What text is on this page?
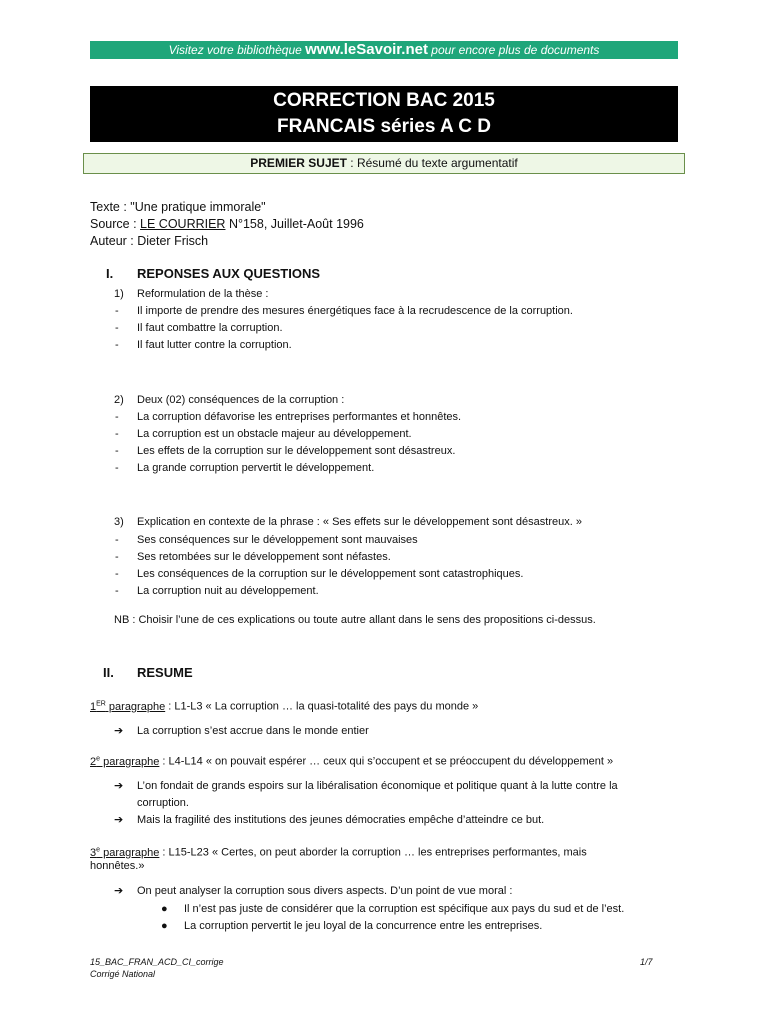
Visitez votre bibliothèque www.leSavoir.net pour encore plus de documents
CORRECTION BAC 2015
FRANCAIS séries A C D
PREMIER SUJET : Résumé du texte argumentatif
Texte : "Une pratique immorale"
Source : LE COURRIER N°158, Juillet-Août 1996
Auteur : Dieter Frisch
I. REPONSES AUX QUESTIONS
1) Reformulation de la thèse :
- Il importe de prendre des mesures énergétiques face à la recrudescence de la corruption.
- Il faut combattre la corruption.
- Il faut lutter contre la corruption.
2) Deux (02) conséquences de la corruption :
- La corruption défavorise les entreprises performantes et honnêtes.
- La corruption est un obstacle majeur au développement.
- Les effets de la corruption sur le développement sont désastreux.
- La grande corruption pervertit le développement.
3) Explication en contexte de la phrase : « Ses effets sur le développement sont désastreux. »
- Ses conséquences sur le développement sont mauvaises
- Ses retombées sur le développement sont néfastes.
- Les conséquences de la corruption sur le développement sont catastrophiques.
- La corruption nuit au développement.
NB : Choisir l’une de ces explications ou toute autre allant dans le sens des propositions ci-dessus.
II. RESUME
1ER paragraphe : L1-L3 « La corruption … la quasi-totalité des pays du monde »
➔ La corruption s’est accrue dans le monde entier
2e paragraphe : L4-L14 « on pouvait espérer … ceux qui s’occupent et se préoccupent du développement »
➔ L’on fondait de grands espoirs sur la libéralisation économique et politique quant à la lutte contre la
corruption.
➔ Mais la fragilité des institutions des jeunes démocraties empêche d’atteindre ce but.
3e paragraphe : L15-L23 « Certes, on peut aborder la corruption … les entreprises performantes, mais
honnêtes.»
➔ On peut analyser la corruption sous divers aspects. D’un point de vue moral :
● Il n’est pas juste de considérer que la corruption est spécifique aux pays du sud et de l’est.
● La corruption pervertit le jeu loyal de la concurrence entre les entreprises.
15_BAC_FRAN_ACD_CI_corrige
Corrigé National
1/7
